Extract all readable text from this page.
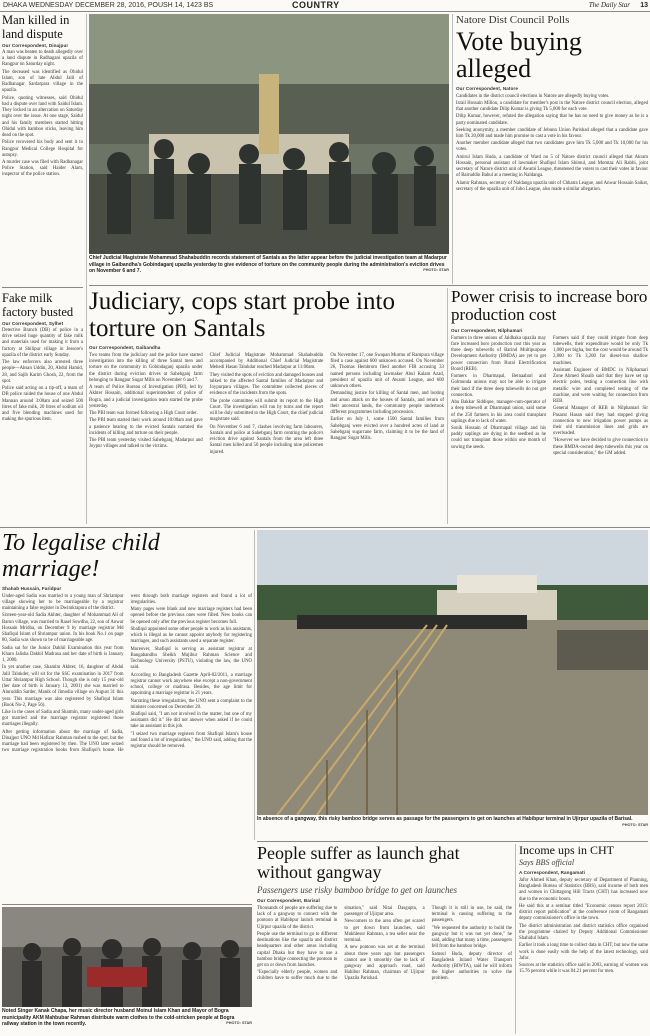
DHAKA WEDNESDAY DECEMBER 28, 2016, POUSH 14, 1423 BS	COUNTRY	The Daily Star 13
Man killed in land dispute
Our Correspondent, Dinajpur

A man was beaten to death allegedly over a land dispute in Radhagani upazila of Rangpur on Saturday night.

The deceased was identified as Ohidul Islam, son of late Abdul Jalil of Radhanagar Sardarpara village in the upazila.

Police, quoting witnesses, said Ohidul had a dispute over land with Saidul Islam. They locked in an altercation on Saturday night over the issue. At one stage, Saidul and his family members started hitting Ohidul with bamboo sticks, leaving him dead on the spot.

Police recovered his body and sent it to Rangpur Medical College Hospital for autopsy.

A murder case was filed with Radhanagar Police Station, said Haider Alam, inspector of the police station.

Fake milk factory busted
Our Correspondent, Sylhet

Detective Branch (DB) of police in a drive seized huge quantity of fake milk and materials used for making it from a factory at Shilipur village in Jessore's upazila of the district early Sunday.

The law enforcers also arrested three people—Ahsan Uddin, 20, Abdul Hamid, 28, and Sajib Karim Ghosh, 22, from the spot.

Police said acting on a tip-off, a team of DB police raided the house of one Abdul Mannan around 3:00am and seized 500 litres of fake milk, 20 litres of sodium oil and five blending machines used for making the spurious item.

Chief Judicial Magistrate Mohammad Shahabuddin records statement of Santals as the latter appear before the judicial investigation team at Madarpur village in Gaibandha's Gobindaganj upazila yesterday to give evidence of torture on the community people during the administration's eviction drives on November 6 and 7.	PHOTO: STAR
Natore Dist Council Polls
Vote buying alleged
Our Correspondent, Natore

Candidates in the district council elections in Natore are allegedly buying votes.

Israil Hossain Millon, a candidate for member's post in the Natore district council election, alleged that another candidate Dilip Kumar is giving Tk 5,000 for each vote.

Dilip Kumar, however, refuted the allegation saying that he has no need to give money as he is a party nominated candidate.

Seeking anonymity, a member candidate of Jebunn Union Parishad alleged that a candidate gave him Tk 20,000 and made him promise to cast a vote in his favour.

Another member candidate alleged that two candidates gave him Tk 5,000 and Tk 10,000 for his votes.

Amirul Islam Huda, a candidate of Ward no 5 of Natore district council alleged that Akram Hossain, personal assistant of lawmaker Shafiqul Islam Shimul, and Momtaz Ali Rabbi, joint secretary of Natore district unit of Awami League, threatened the voters to cast their votes in favour of Bairuddin Babul at a meeting in Naldanga.

Alamir Rahman, secretary of Naldanga upazila unit of Chhatra League, and Anwar Hossain Saikat, secretary of the upazila unit of Jubo League, also made a similar allegation.

Judiciary, cops start probe into torture on Santals
Our Correspondent, Gaibandha

Two teams from the judiciary and the police have started investigation into the killing of three Santal men and torture on the community in Gobindaganj upazila under the district during eviction drives at Sahebganj farm belonging to Rangpur Sugar Mills on November 6 and 7.

A team of Police Bureau of Investigation (PBI), led by Akhter Hossain, additional superintendent of police of Bogra, and a judicial investigation team started the probe yesterday.

The PBI team was formed following a High Court order.

The PBI team started their work around 10:00am and gave a patience hearing to the evicted Santals narrated the incidents of killing and torture on their people.

The PBI team yesterday visited Sahebganj, Madarpur and Joypur villages and talked to the victims.

Chief Judicial Magistrate Mohammad Shahabuddin accompanied by Additional Chief Judicial Magistrate Mehedi Hasan Talukdar reached Madarpur at 11:00am.

They visited the spots of eviction and damaged houses and talked to the affected Santal families of Madarpur and Joypurpara villages. The committee collected pieces of evidence of the incidents from the spots.

The probe committee will submit its report to the High Court. The investigation will run by turns and the report will be duly submitted to the High Court, the chief judicial magistrate said.

On November 6 and 7, clashes involving farm labourers, Santals and police at Sahebganj farm centring the police's eviction drive against Santals from the area left three Santal men killed and 50 people including nine policemen injured.

On November 17, one Swapan Murmu of Rampura village filed a case against 600 unknown accused. On November 26, Thomas Hembrom filed another FIR accusing 33 named persons including lawmaker Abul Kalam Azad, president of upazila unit of Awami League, and 600 unknown others.

Demanding justice for killing of Santal men, and looting and arson attack on the houses of Santals, and return of their ancestral lands, the community people undertook different programmes including procession.

Earlier on July 1, some 1500 Santal families from Sahebganj were evicted over a hundred acres of land at Sahebganj sugarcane farm, claiming it to be the land of Rangpur Sugar Mills.

Power crisis to increase boro production cost
Our Correspondent, Nilphamari

Farmers in three unions of Jaldhaka upazila may face increased boro production cost this year as three deep tubewells of Barind Multipurpose Development Authority (BMDA) are yet to get power connection from Rural Electrification Board (REB).

Farmers in Dharmapal, Betnaabari and Golmunda unions may not be able to irrigate their land if the three deep tubewells do not get connection.

Abu Bakkar Siddique, manager-cum-operator of a deep tubewell at Dharmapal union, said some of the 250 farmers in his area could transplant saplings due to lack of water.

Sonik Hossain of Dharmapal village and his paddy saplings are dying in the seedbed as he could not transplant those within one month of sowing the seeds.

Farmers said if they could irrigate from deep tubewells, their expenditure would be only Tk 1,000 per bigha, but the cost would be around Tk 2,800 to Tk 3,200 for diesel-run shallow machines.

Assistant Engineer of BMDC in Nilphamari Zone Ahmed Shoaib said that they have set up electric poles, testing a connection line with metallic wire and completed testing of the machine, and were waiting for connection from REB.

General Manager of REB in Nilphamari Sir Pasarat Hasan said they had stopped giving connection to new irrigation power pumps as their old transmission lines and grids are overloaded.

"However we have decided to give connection to these BMDA-owned deep tubewells this year on special consideration," the GM added.

To legalise child marriage!
Shahab Hussain, Faridpur

Under-aged Sadia was married to a young man of Shriampur village showing her to be marriageable by a registrar maintaining a false register in Dwimkrapura of the district.

Sixteen-year-old Sadia Akhter, daughter of Mohammad Ali of Barun village, was married to Rasel Sowdha, 22, son of Anwar Hossain Mridha, on December 9 by marriage registrar Md Shafiqul Islam of Shriampur union. In his book No.1 on page 80, Sadia was shown to be of marriageable age.

Sadia sat for the Junior Dakhil Examination this year from Kharo Jalisha Dakhil Madrasa and her date of birth is January 1, 2000.

In yet another case, Shamim Akhter, 16, daughter of Abdul Jalil Talukder, will sit for the SSC examination in 2017 from Uttar Shriampur High School. Though she is only 15 year-old (her date of birth is January 13, 2001) she was married to Aluruddin Sarder, Manik of Jimodia village on August 31 this year. This marriage was also registered by Shafiqul Islam (Book No-2, Page 56).

Like in the cases of Sadia and Sharmin, many under-aged girls got married and the marriage registrar registered those marriages illegally.

After getting information about the marriage of Sadia, Dinajpur UNO Md Hafizur Rahman rushed to the spot, but the marriage had been registered by then. The UNO later seized two marriage registration books from Shafiqul's house. He went through both marriage registers and found a lot of irregularities.

Many pages were blank and new marriage registers had been opened before the previous ones were filled. New books can be opened only after the previous register becomes full.

Shafiqul appointed some other people to work as his assistants, which is illegal as he cannot appoint anybody for registering marriages, and such assistants used a separate register.

Moreover, Shafiqul is serving as assistant registrar at Bangabandhu Sheikh Mujibur Rahman Science and Technology University (PSTU), violating the law, the UNO said.

According to Bangladesh Gazette April-02/2011, a marriage registrar cannot work anywhere else except a non-government school, college or madrasa. Besides, the age limit for appointing a marriage registrar is 21 years.

Narrating these irregularities, the UNO sent a complaint to the minister concerned on December 20.

Shafiqul said, "I am not involved in the matter, but one of my assistants did it." He did not answer when asked if he could take an assistant in this job.

"I seized two marriage registers from Shafiqul Islam's house and found a lot of irregularities," the UNO said, adding that the registrar should be removed.

In absence of a gangway, this risky bamboo bridge serves as passage for the passengers to get on launches at Habibpur terminal in Ujirpur upazila of Barisal.
PHOTO: STAR
People suffer as launch ghat without gangway
Passengers use risky bamboo bridge to get on launches
Our Correspondent, Barisal

Thousands of people are suffering due to lack of a gangway to connect with the pontoon at Habibpur launch terminal in Ujirpur upazila of the district.

People use the terminal to go to different destinations like the upazila and district headquarters and other areas including capital Dhaka but they have to use a bamboo bridge connecting the pontoon to get on or down from launches.

"Especially elderly people, women and children have to suffer much due to the situation," said Nitai Dasgupta, a passenger of Ujirpur area.

Newcomers to the area often get scared to get down from launches, said Mukhlesur Rahman, a tea seller near the terminal.

A new pontoon was set at the terminal about three years ago but passengers cannot use it smoothly due to lack of gangway and approach road, said Habibur Rahman, chairman of Ujirpur Upazila Parishad.

Though it is still in use, he said, the terminal is causing suffering to the passengers.

"We requested the authority to build the gangway but it was not yet done," he said, adding that many a time, passengers fell from the bamboo bridge.

Samsul Huda, deputy director of Bangladesh Inland Water Transport Authority (BIWTA), said he will inform the higher authorities to solve the problem.

Income ups in CHT
Says BBS official
A Correspondent, Rangamati

Jafor Ahmed Khan, deputy secretary of Department of Planning, Bangladesh Bureau of Statistics (BBS), said income of both men and women in Chittagong Hill Tracts (CHT) has increased now due to the economic boom.

He said this at a seminar titled "Economic census report 2013: district report publication" at the conference room of Rangamati deputy commissioner's office in the town.

The district administration and district statistics office organised the programme chaired by Deputy Additional Commissioner Shahidul Islam.

Earlier it took a long time to collect data in CHT, but now the same work is done easily with the help of the latest technology, said Jafor.

Sources at the statistics office said in 2003, earning of women was 15.76 percent while it was 84.21 percent for men.

Noted Singer Kanak Chapa, her music director husband Moinul Islam Khan and Mayor of Bogra municipality AKM Mahbubar Rahman distribute warm clothes to the cold-stricken people at Bogra railway station in the town recently.	PHOTO: STAR
